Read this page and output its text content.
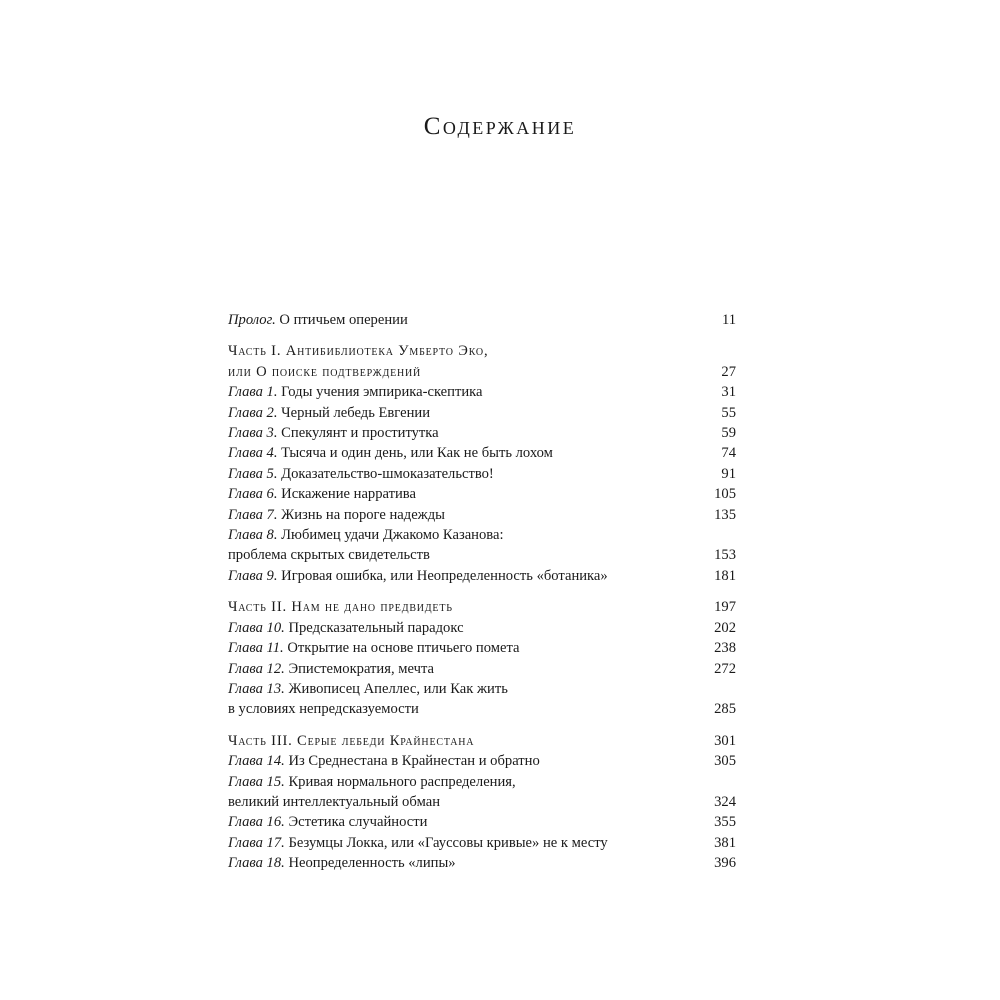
Содержание
Пролог. О птичьем оперении	11
Часть I. Антибиблиотека Умберто Эко,
или О поиске подтверждений	27
Глава 1. Годы учения эмпирика-скептика	31
Глава 2. Черный лебедь Евгении	55
Глава 3. Спекулянт и проститутка	59
Глава 4. Тысяча и один день, или Как не быть лохом	74
Глава 5. Доказательство-шмоказательство!	91
Глава 6. Искажение нарратива	105
Глава 7. Жизнь на пороге надежды	135
Глава 8. Любимец удачи Джакомо Казанова:
проблема скрытых свидетельств	153
Глава 9. Игровая ошибка, или Неопределенность «ботаника»	181
Часть II. Нам не дано предвидеть	197
Глава 10. Предсказательный парадокс	202
Глава 11. Открытие на основе птичьего помета	238
Глава 12. Эпистемократия, мечта	272
Глава 13. Живописец Апеллес, или Как жить
в условиях непредсказуемости	285
Часть III. Серые лебеди Крайнестана	301
Глава 14. Из Среднестана в Крайнестан и обратно	305
Глава 15. Кривая нормального распределения,
великий интеллектуальный обман	324
Глава 16. Эстетика случайности	355
Глава 17. Безумцы Локка, или «Гауссовы кривые» не к месту	381
Глава 18. Неопределенность «липы»	396
